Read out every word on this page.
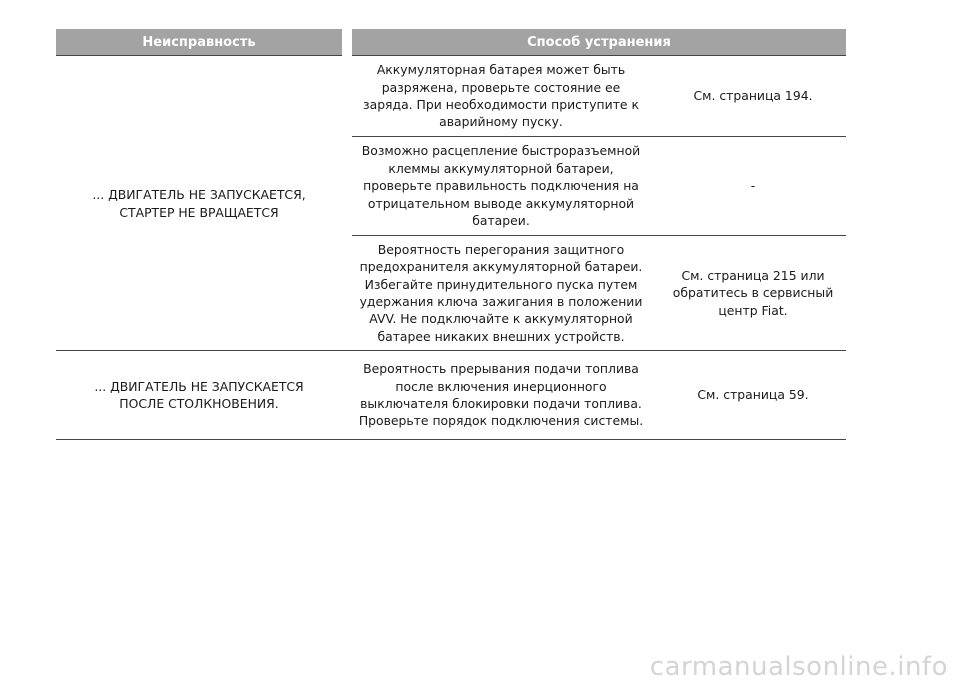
Неисправность	Способ устранения
... ДВИГАТЕЛЬ НЕ ЗАПУСКАЕТСЯ, СТАРТЕР НЕ ВРАЩАЕТСЯ
Аккумуляторная батарея может быть разряжена, проверьте состояние ее заряда. При необходимости приступите к аварийному пуску.
См. страница 194.
Возможно расцепление быстроразъемной клеммы аккумуляторной батареи, проверьте правильность подключения на отрицательном выводе аккумуляторной батареи.
-
Вероятность перегорания защитного предохранителя аккумуляторной батареи. Избегайте принудительного пуска путем удержания ключа зажигания в положении AVV. Не подключайте к аккумуляторной батарее никаких внешних устройств.
См. страница 215 или обратитесь в сервисный центр Fiat.
... ДВИГАТЕЛЬ НЕ ЗАПУСКАЕТСЯ ПОСЛЕ СТОЛКНОВЕНИЯ.
Вероятность прерывания подачи топлива после включения инерционного выключателя блокировки подачи топлива. Проверьте порядок подключения системы.
См. страница 59.
carmanualsonline.info
